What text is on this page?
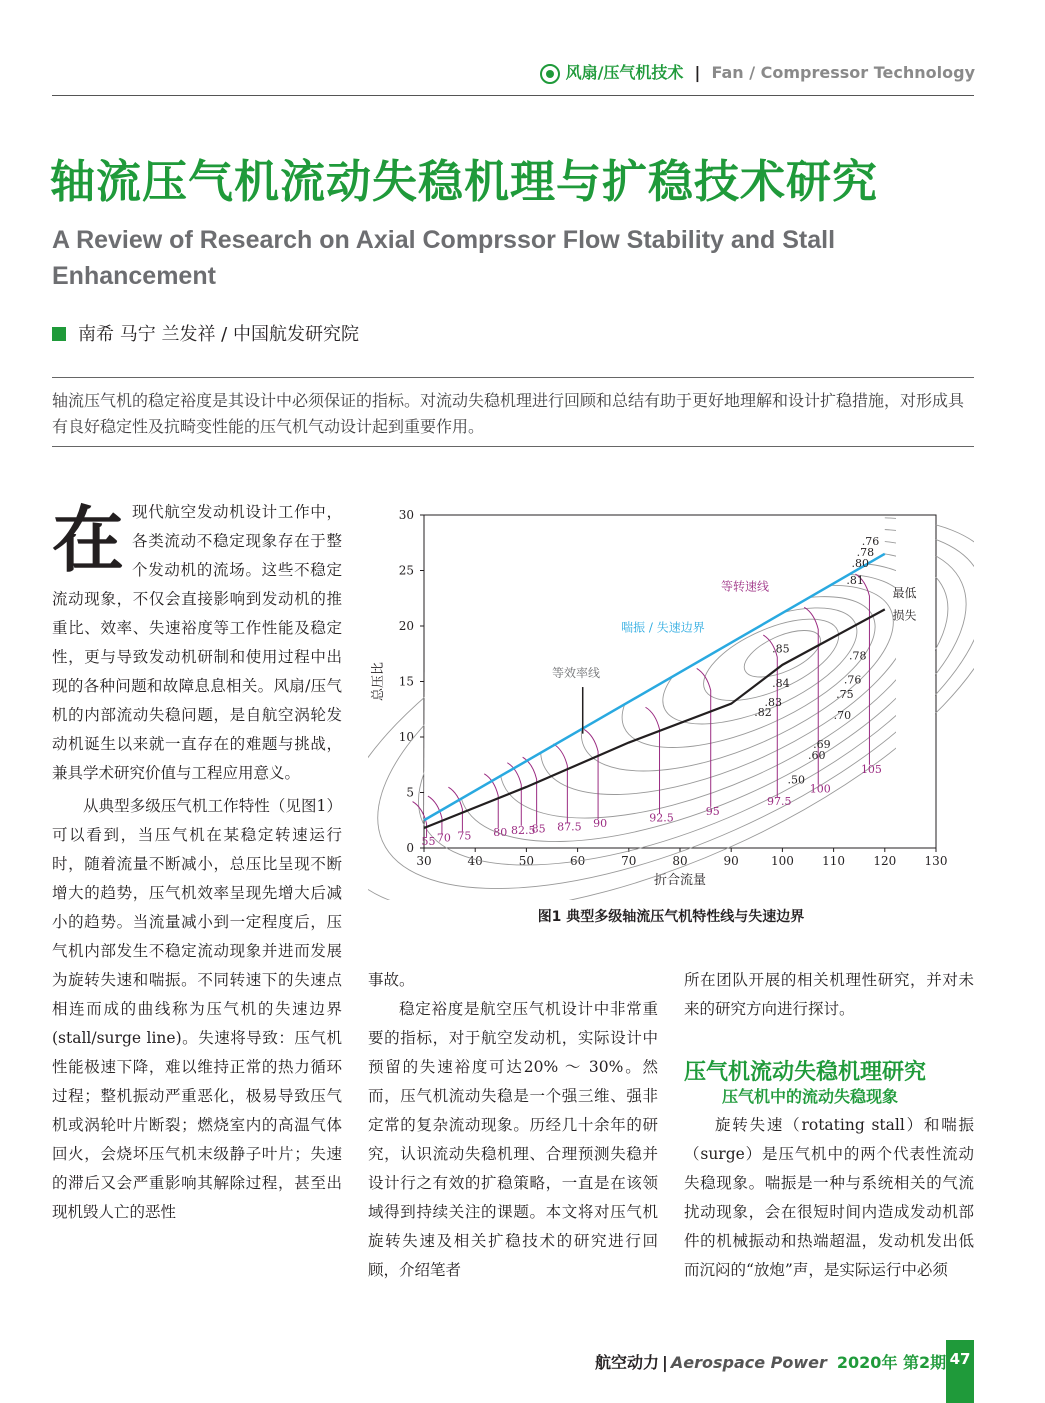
风扇/压气机技术 | Fan / Compressor Technology
轴流压气机流动失稳机理与扩稳技术研究
A Review of Research on Axial Comprssor Flow Stability and Stall Enhancement
南希 马宁 兰发祥 / 中国航发研究院
轴流压气机的稳定裕度是其设计中必须保证的指标。对流动失稳机理进行回顾和总结有助于更好地理解和设计扩稳措施，对形成具有良好稳定性及抗畸变性能的压气机气动设计起到重要作用。

在现代航空发动机设计工作中，各类流动不稳定现象存在于整个发动机的流场。这些不稳定流动现象，不仅会直接影响到发动机的推重比、效率、失速裕度等工作性能及稳定性，更与导致发动机研制和使用过程中出现的各种问题和故障息息相关。风扇/压气机的内部流动失稳问题，是自航空涡轮发动机诞生以来就一直存在的难题与挑战，兼具学术研究价值与工程应用意义。

从典型多级压气机工作特性（见图1）可以看到，当压气机在某稳定转速运行时，随着流量不断减小，总压比呈现不断增大的趋势，压气机效率呈现先增大后减小的趋势。当流量减小到一定程度后，压气机内部发生不稳定流动现象并进而发展为旋转失速和喘振。不同转速下的失速点相连而成的曲线称为压气机的失速边界(stall/surge line)。失速将导致：压气机性能极速下降，难以维持正常的热力循环过程；整机振动严重恶化，极易导致压气机或涡轮叶片断裂；燃烧室内的高温气体回火，会烧坏压气机末级静子叶片；失速的滞后又会严重影响其解除过程，甚至出现机毁人亡的恶性

30	40	50	60	70	80	90	100 110 120 130
0
5
10
15
20
25
30
折合流量
总压比
55 70 75 80 82.5
85 87.5 90	92.5
95
97.5
100
105
.76
.78
.80
.81
.85
.78
.76
.75
.84
.83
.82	.70
.69
.60
.50
等转速线
喘振 / 失速边界
等效率线
最低
损失
图1 典型多级轴流压气机特性线与失速边界

事故。

稳定裕度是航空压气机设计中非常重要的指标，对于航空发动机，实际设计中预留的失速裕度可达20% ～ 30%。然而，压气机流动失稳是一个强三维、强非定常的复杂流动现象。历经几十余年的研究，认识流动失稳机理、合理预测失稳并设计行之有效的扩稳策略，一直是在该领域得到持续关注的课题。本文将对压气机旋转失速及相关扩稳技术的研究进行回顾，介绍笔者

所在团队开展的相关机理性研究，并对未来的研究方向进行探讨。

压气机流动失稳机理研究
压气机中的流动失稳现象

旋转失速（rotating stall）和喘振（surge）是压气机中的两个代表性流动失稳现象。喘振是一种与系统相关的气流扰动现象，会在很短时间内造成发动机部件的机械振动和热端超温，发动机发出低而沉闷的“放炮”声，是实际运行中必须

航空动力 | Aerospace Power 2020年 第2期 47
